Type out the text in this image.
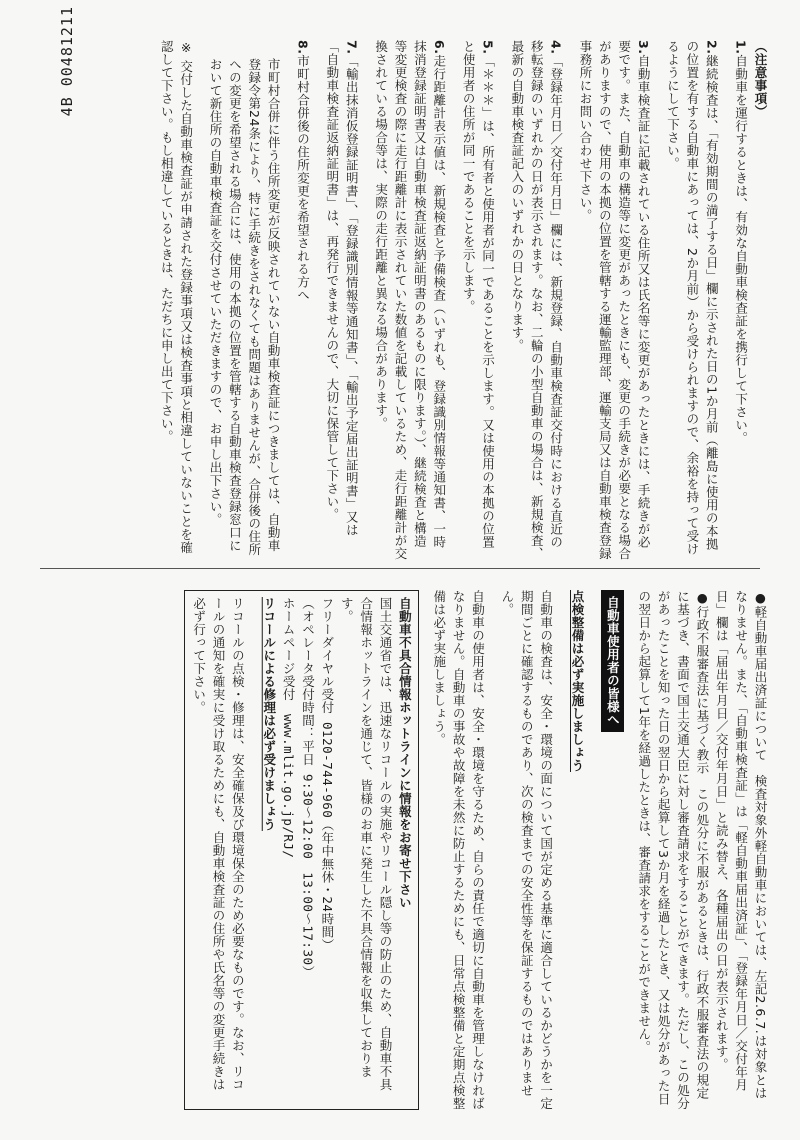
4B 00481211	（注意事項）
1.自動車を運行するときは、有効な自動車検査証を携行して下さい。
2.継続検査は、「有効期間の満了する日」欄に示された日の1か月前（離島に使用の本拠の位置を有する自動車にあっては、2か月前）から受けられますので、余裕を持って受けるようにして下さい。
3.自動車検査証に記載されている住所又は氏名等に変更があったときには、手続きが必要です。また、自動車の構造等に変更があったときにも、変更の手続きが必要となる場合がありますので、使用の本拠の位置を管轄する運輸監理部、運輸支局又は自動車検査登録事務所にお問い合わせ下さい。
4.「登録年月日／交付年月日」欄には、新規登録、自動車検査証交付時における直近の移転登録のいずれかの日が表示されます。なお、二輪の小型自動車の場合は、新規検査、最新の自動車検査証記入のいずれかの日となります。
5.「＊＊＊」は、所有者と使用者が同一であることを示します。又は使用の本拠の位置と使用者の住所が同一であることを示します。
6.走行距離計表示値は、新規検査と予備検査（いずれも、登録識別情報等通知書、一時抹消登録証明書又は自動車検査証返納証明書のあるものに限ります。）、継続検査と構造等変更検査の際に走行距離計に表示されていた数値を記載しているため、走行距離計が交換されている場合等は、実際の走行距離と異なる場合があります。
7.「輸出抹消仮登録証明書」、「登録識別情報等通知書」、「輸出予定届出証明書」又は「自動車検査証返納証明書」は、再発行できませんので、大切に保管して下さい。
8.市町村合併後の住所変更を希望される方へ
市町村合併に伴う住所変更が反映されていない自動車検査証につきましては、自動車登録令第24条により、特に手続きをされなくても問題はありませんが、合併後の住所への変更を希望される場合には、使用の本拠の位置を管轄する自動車検査登録窓口において新住所の自動車検査証を交付させていただきますので、お申し出下さい。
※ 交付した自動車検査証が申請された登録事項又は検査事項と相違していないことを確認して下さい。もし相違しているときは、ただちに申し出て下さい。
●軽自動車届出済証について　検査対象外軽自動車においては、左記2.6.7.は対象とはなりません。また、「自動車検査証」は「軽自動車届出済証」、「登録年月日／交付年月日」欄は「届出年月日／交付年月日」と読み替え、各種届出の日が表示されます。
●行政不服審査法に基づく教示　この処分に不服があるときは、行政不服審査法の規定に基づき、書面で国土交通大臣に対し審査請求をすることができます。ただし、この処分があったことを知った日の翌日から起算して3か月を経過したとき、又は処分があった日の翌日から起算して1年を経過したときは、審査請求をすることができません。
自動車使用者の皆様へ
点検整備は必ず実施しましょう
自動車の検査は、安全・環境の面について国が定める基準に適合しているかどうかを一定期間ごとに確認するものであり、次の検査までの安全性等を保証するものではありません。
自動車の使用者は、安全・環境を守るため、自らの責任で適切に自動車を管理しなければなりません。自動車の事故や故障を未然に防止するためにも、日常点検整備と定期点検整備は必ず実施しましょう。
自動車不具合情報ホットラインに情報をお寄せ下さい
国土交通省では、迅速なリコールの実施やリコール隠し等の防止のため、自動車不具合情報ホットラインを通じて、皆様のお車に発生した不具合情報を収集しております。
フリーダイヤル受付 0120-744-960（年中無休・24時間）
（オペレータ受付時間：平日 9:30～12:00　13:00～17:30）
ホームページ受付　www.mlit.go.jp/RJ/
リコールによる修理は必ず受けましょう
リコールの点検・修理は、安全確保及び環境保全のため必要なものです。なお、リコールの通知を確実に受け取るためにも、自動車検査証の住所や氏名等の変更手続きは必ず行って下さい。
